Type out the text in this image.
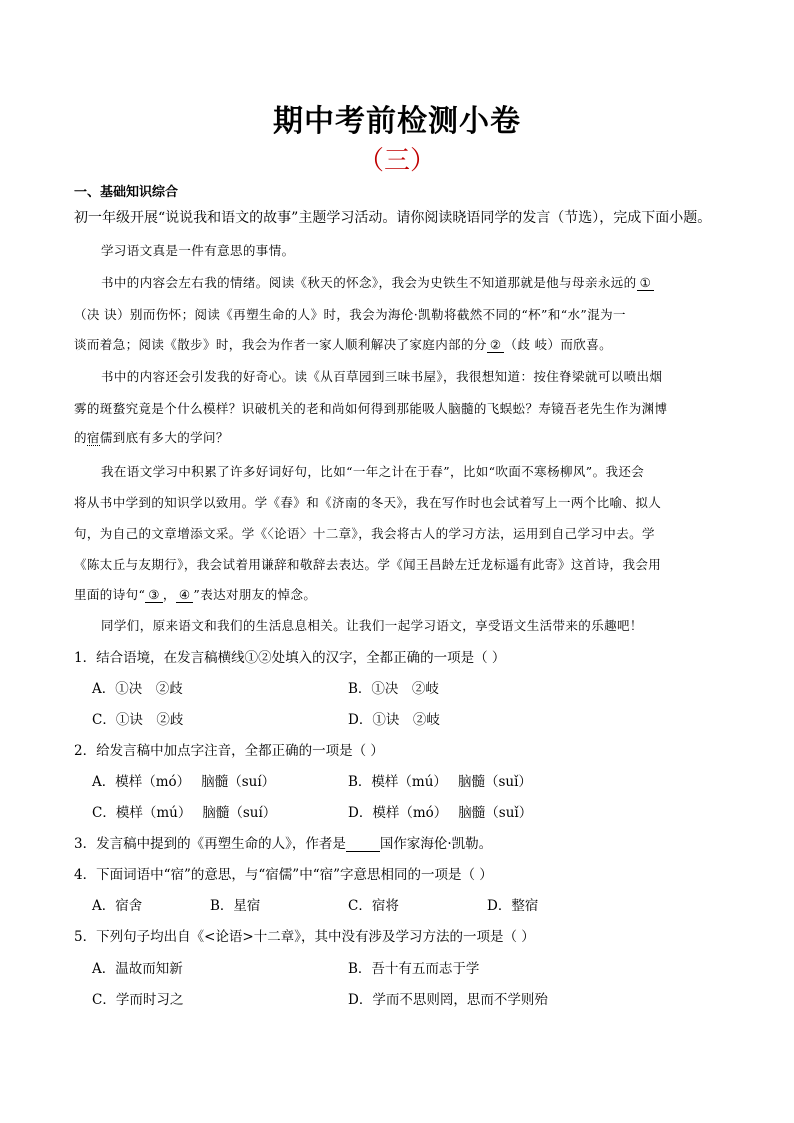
期中考前检测小卷
（三）
一、基础知识综合
初一年级开展“说说我和语文的故事”主题学习活动。请你阅读晓语同学的发言（节选），完成下面小题。
学习语文真是一件有意思的事情。
书中的内容会左右我的情绪。阅读《秋天的怀念》，我会为史铁生不知道那就是他与母亲永远的 ①
（决 诀）别而伤怀；阅读《再塑生命的人》时，我会为海伦·凯勒将截然不同的“杯”和“水”混为一
谈而着急；阅读《散步》时，我会为作者一家人顺利解决了家庭内部的分 ② （歧 岐）而欣喜。
书中的内容还会引发我的好奇心。读《从百草园到三味书屋》，我很想知道：按住脊梁就可以喷出烟
雾的斑蝥究竟是个什么模样？识破机关的老和尚如何得到那能吸人脑髓的飞蜈蚣？寿镜吾老先生作为渊博
的宿儒到底有多大的学问？
我在语文学习中积累了许多好词好句，比如“一年之计在于春”，比如“吹面不寒杨柳风”。我还会
将从书中学到的知识学以致用。学《春》和《济南的冬天》，我在写作时也会试着写上一两个比喻、拟人
句，为自己的文章增添文采。学《〈论语〉十二章》，我会将古人的学习方法，运用到自己学习中去。学
《陈太丘与友期行》，我会试着用谦辞和敬辞去表达。学《闻王昌龄左迁龙标遥有此寄》这首诗，我会用
里面的诗句“ ③ ， ④ ”表达对朋友的悼念。
同学们，原来语文和我们的生活息息相关。让我们一起学习语文，享受语文生活带来的乐趣吧！
1．结合语境，在发言稿横线①②处填入的汉字，全都正确的一项是（ ）
A．①决　②歧	B．①决　②岐
C．①诀　②歧	D．①诀　②岐
2．给发言稿中加点字注音，全都正确的一项是（ ）
A．模样（mó）　 脑髓（suí）	B．模样（mú）　 脑髓（suǐ）
C．模样（mú）　 脑髓（suí）	D．模样（mó）　 脑髓（suǐ）
3．发言稿中提到的《再塑生命的人》，作者是	国作家海伦·凯勒。
4．下面词语中“宿”的意思，与“宿儒”中“宿”字意思相同的一项是（ ）
A．宿舍	B．星宿	C．宿将	D．整宿
5．下列句子均出自《<论语>十二章》，其中没有涉及学习方法的一项是（ ）
A．温故而知新	B．吾十有五而志于学
C．学而时习之	D．学而不思则罔，思而不学则殆
